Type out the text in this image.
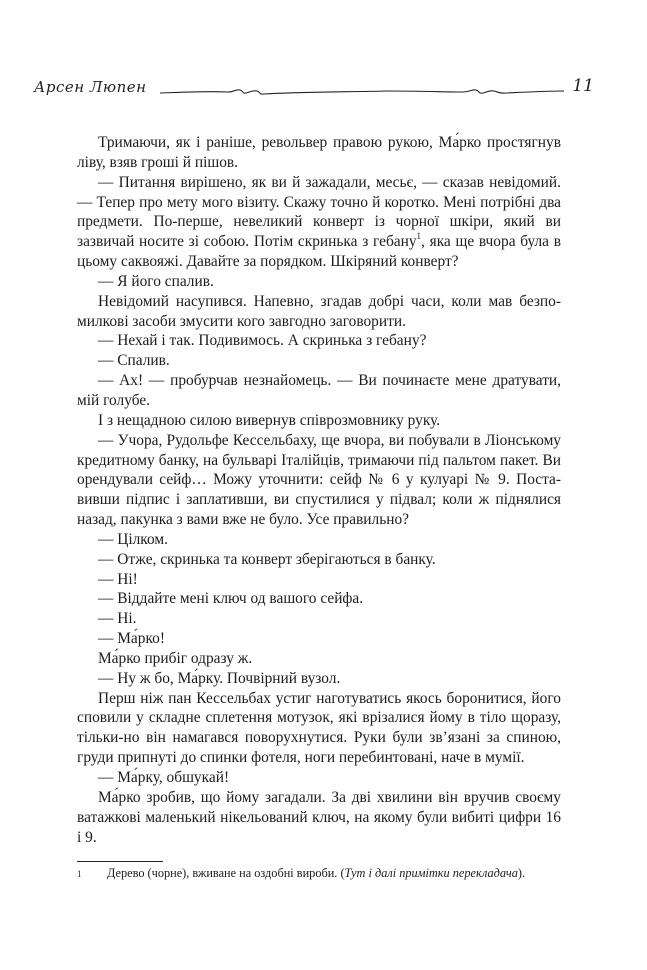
Арсен Люпен	11

Тримаючи, як і раніше, револьвер правою рукою, Ма́рко простягнув ліву, взяв гроші й пішов.

— Питання вирішено, як ви й зажадали, месьє, — сказав невідомий. — Тепер про мету мого візиту. Скажу точно й коротко. Мені потрібні два предмети. По-перше, невеликий конверт із чорної шкіри, який ви зазвичай носите зі собою. Потім скринька з гебану$^1$, яка ще вчора була в цьому саквояжі. Давайте за порядком. Шкіряний конверт?

— Я його спалив.

Невідомий насупився. Напевно, згадав добрі часи, коли мав безпомилкові засоби змусити кого завгодно заговорити.

— Нехай і так. Подивимось. А скринька з гебану?

— Спалив.

— Ах! — пробурчав незнайомець. — Ви починаєте мене дратувати, мій голубе.

І з нещадною силою вивернув співрозмовнику руку.

— Учора, Рудольфе Кессельбаху, ще вчора, ви побували в Ліонському кредитному банку, на бульварі Італійців, тримаючи під пальтом пакет. Ви орендували сейф… Можу уточнити: сейф № 6 у кулуарі № 9. Поставивши підпис і заплативши, ви спустилися у підвал; коли ж піднялися назад, пакунка з вами вже не було. Усе правильно?

— Цілком.

— Отже, скринька та конверт зберігаються в банку.

— Ні!

— Віддайте мені ключ од вашого сейфа.

— Ні.

— Ма́рко!

Ма́рко прибіг одразу ж.

— Ну ж бо, Ма́рку. Почвірний вузол.

Перш ніж пан Кессельбах устиг наготуватись якось боронитися, його сповили у складне сплетення мотузок, які врізалися йому в тіло щоразу, тільки-но він намагався поворухнутися. Руки були зв’язані за спиною, груди припнуті до спинки фотеля, ноги перебинтовані, наче в мумії.

— Ма́рку, обшукай!

Ма́рко зробив, що йому загадали. За дві хвилини він вручив своєму ватажкові маленький нікельований ключ, на якому були вибиті цифри 16 і 9.

1 Дерево (чорне), вживане на оздобні вироби. (Тут і далі примітки перекладача).
